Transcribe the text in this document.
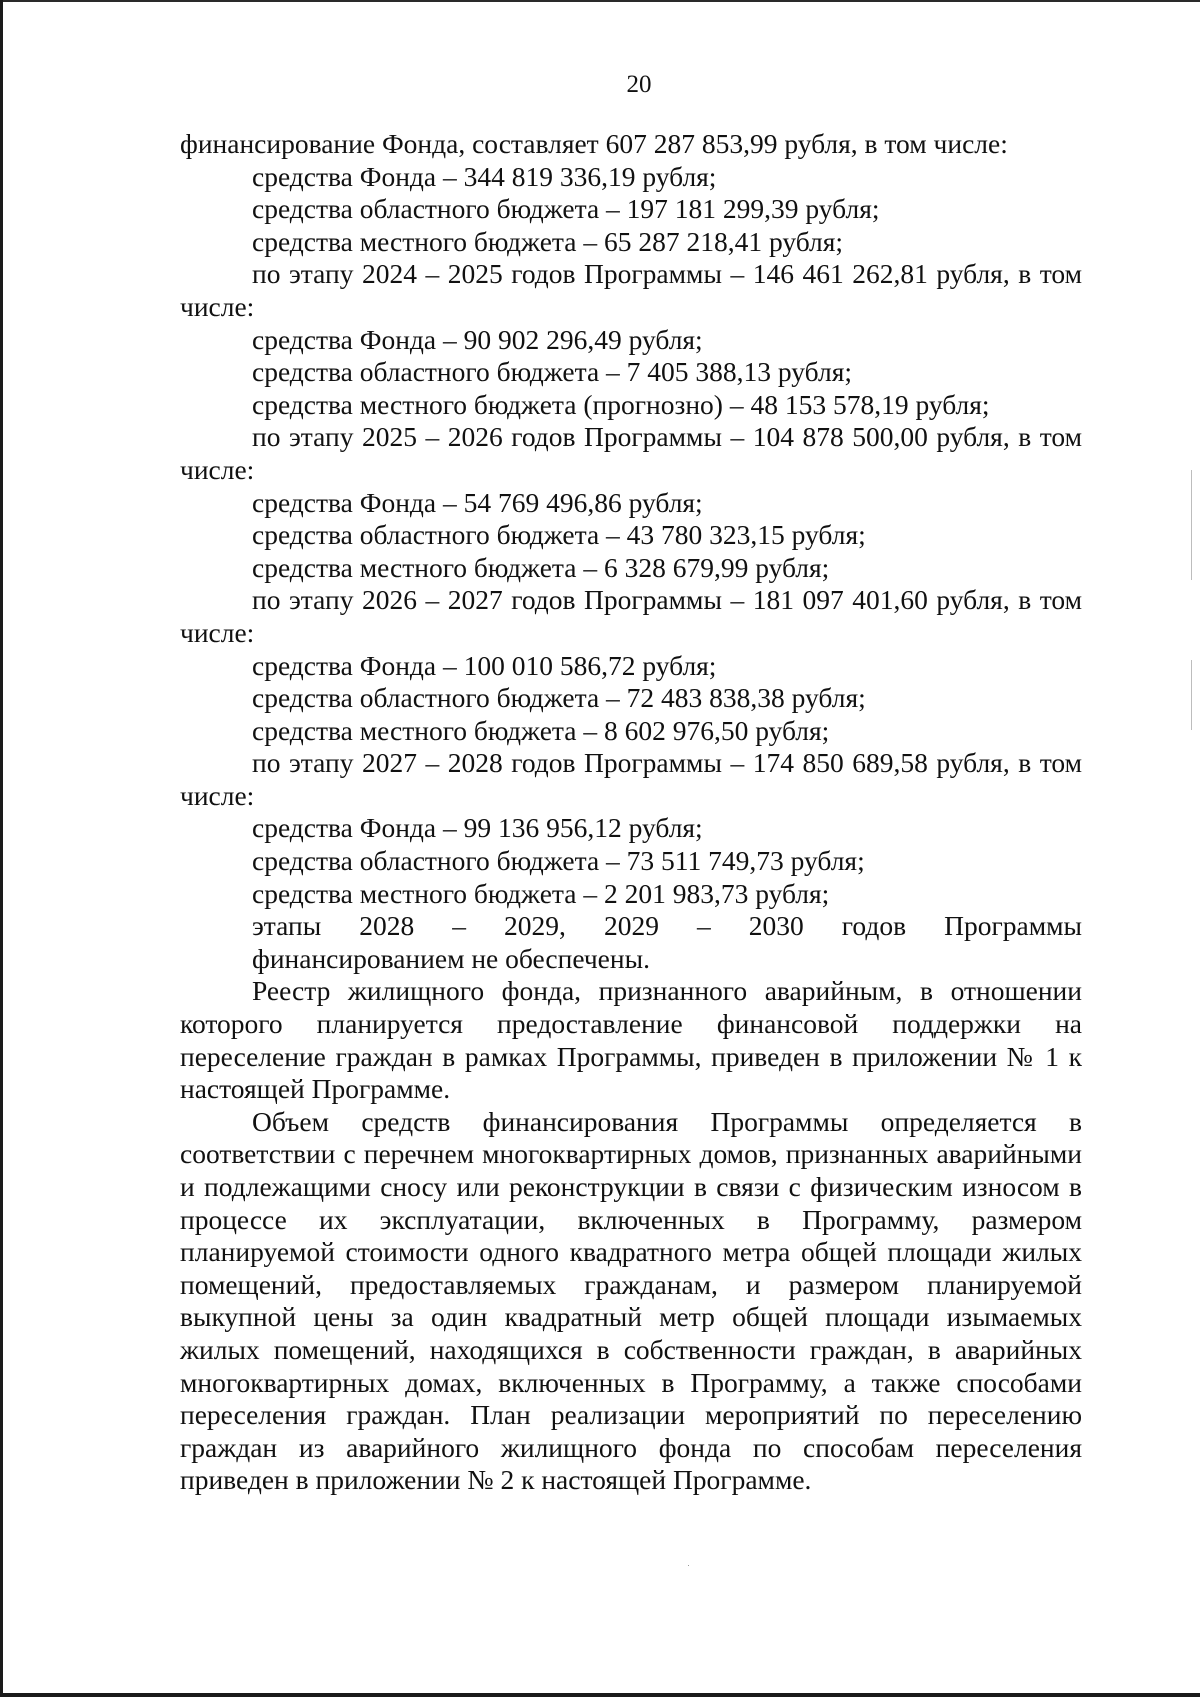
20

финансирование Фонда, составляет 607 287 853,99 рубля, в том числе:

средства Фонда – 344 819 336,19 рубля;

средства областного бюджета – 197 181 299,39 рубля;

средства местного бюджета – 65 287 218,41 рубля;

по этапу 2024 – 2025 годов Программы – 146 461 262,81 рубля, в том числе:

средства Фонда – 90 902 296,49 рубля;

средства областного бюджета – 7 405 388,13 рубля;

средства местного бюджета (прогнозно) – 48 153 578,19 рубля;

по этапу 2025 – 2026 годов Программы – 104 878 500,00 рубля, в том числе:

средства Фонда – 54 769 496,86 рубля;

средства областного бюджета – 43 780 323,15 рубля;

средства местного бюджета – 6 328 679,99 рубля;

по этапу 2026 – 2027 годов Программы – 181 097 401,60 рубля, в том числе:

средства Фонда – 100 010 586,72 рубля;

средства областного бюджета – 72 483 838,38 рубля;

средства местного бюджета – 8 602 976,50 рубля;

по этапу 2027 – 2028 годов Программы – 174 850 689,58 рубля, в том числе:

средства Фонда – 99 136 956,12 рубля;

средства областного бюджета – 73 511 749,73 рубля;

средства местного бюджета – 2 201 983,73 рубля;

этапы 2028 – 2029, 2029 – 2030 годов Программы

финансированием не обеспечены.

Реестр жилищного фонда, признанного аварийным, в отношении которого планируется предоставление финансовой поддержки на переселение граждан в рамках Программы, приведен в приложении № 1 к настоящей Программе.

Объем средств финансирования Программы определяется в соответствии с перечнем многоквартирных домов, признанных аварийными и подлежащими сносу или реконструкции в связи с физическим износом в процессе их эксплуатации, включенных в Программу, размером планируемой стоимости одного квадратного метра общей площади жилых помещений, предоставляемых гражданам, и размером планируемой выкупной цены за один квадратный метр общей площади изымаемых жилых помещений, находящихся в собственности граждан, в аварийных многоквартирных домах, включенных в Программу, а также способами переселения граждан. План реализации мероприятий по переселению граждан из аварийного жилищного фонда по способам переселения приведен в приложении № 2 к настоящей Программе.
